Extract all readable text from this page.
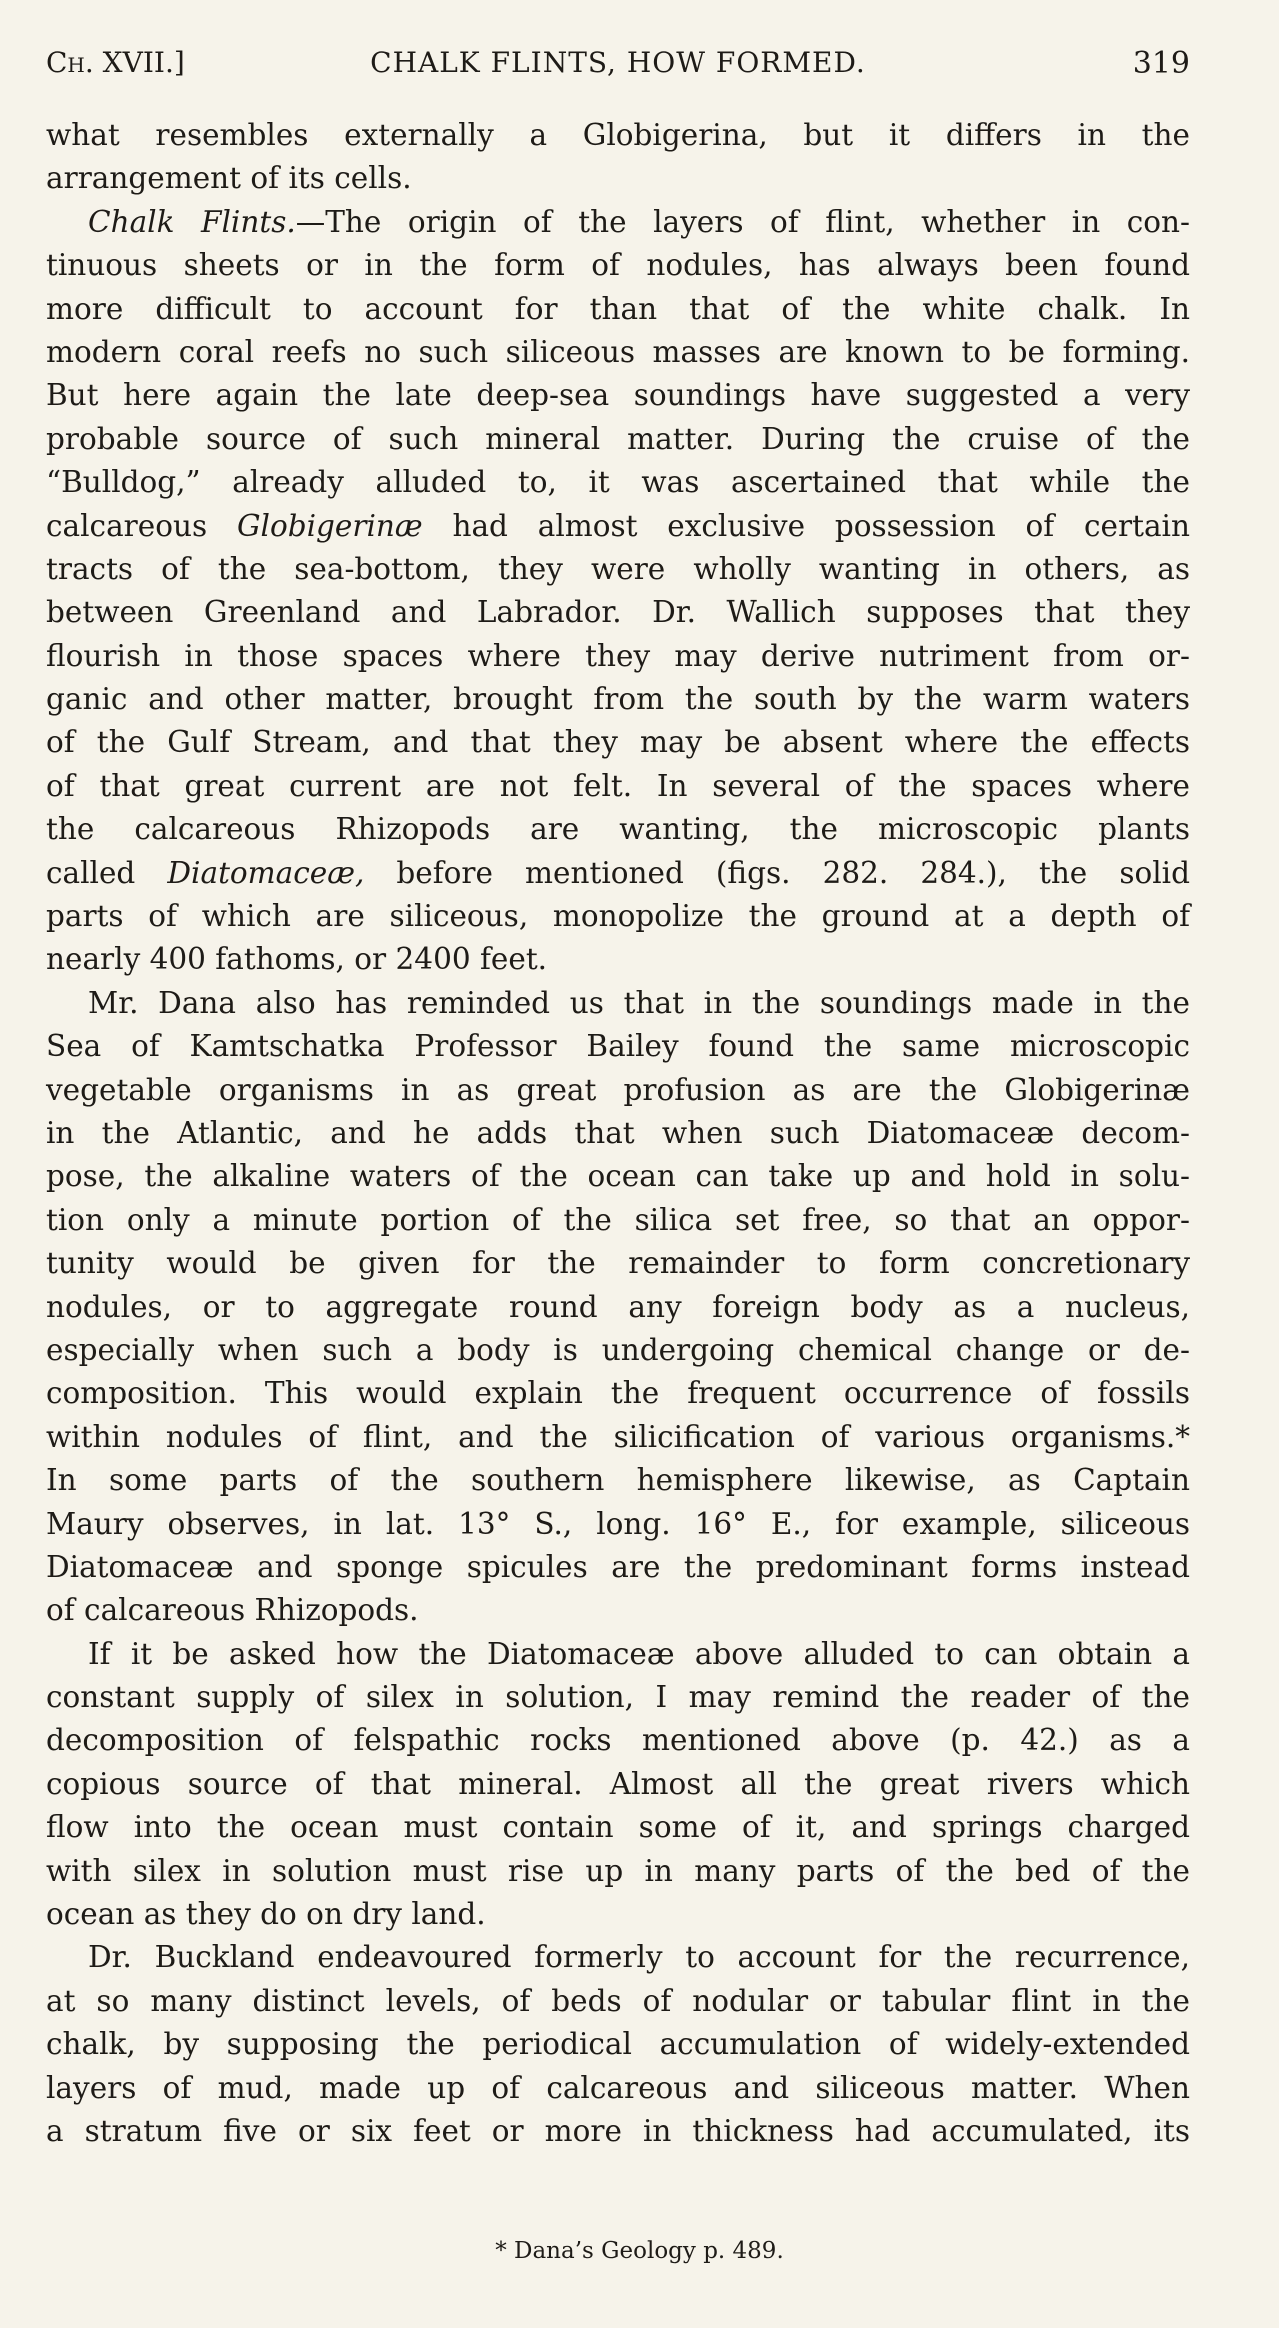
Ch. XVII.]	CHALK FLINTS, HOW FORMED.	319
what resembles externally a Globigerina, but it differs in the
arrangement of its cells.
Chalk Flints.—The origin of the layers of flint, whether in con-
tinuous sheets or in the form of nodules, has always been found
more difficult to account for than that of the white chalk. In
modern coral reefs no such siliceous masses are known to be forming.
But here again the late deep-sea soundings have suggested a very
probable source of such mineral matter. During the cruise of the
“Bulldog,” already alluded to, it was ascertained that while the
calcareous Globigerinæ had almost exclusive possession of certain
tracts of the sea-bottom, they were wholly wanting in others, as
between Greenland and Labrador. Dr. Wallich supposes that they
flourish in those spaces where they may derive nutriment from or-
ganic and other matter, brought from the south by the warm waters
of the Gulf Stream, and that they may be absent where the effects
of that great current are not felt. In several of the spaces where
the calcareous Rhizopods are wanting, the microscopic plants
called Diatomaceæ, before mentioned (figs. 282. 284.), the solid
parts of which are siliceous, monopolize the ground at a depth of
nearly 400 fathoms, or 2400 feet.
Mr. Dana also has reminded us that in the soundings made in the
Sea of Kamtschatka Professor Bailey found the same microscopic
vegetable organisms in as great profusion as are the Globigerinæ
in the Atlantic, and he adds that when such Diatomaceæ decom-
pose, the alkaline waters of the ocean can take up and hold in solu-
tion only a minute portion of the silica set free, so that an oppor-
tunity would be given for the remainder to form concretionary
nodules, or to aggregate round any foreign body as a nucleus,
especially when such a body is undergoing chemical change or de-
composition. This would explain the frequent occurrence of fossils
within nodules of flint, and the silicification of various organisms.*
In some parts of the southern hemisphere likewise, as Captain
Maury observes, in lat. 13° S., long. 16° E., for example, siliceous
Diatomaceæ and sponge spicules are the predominant forms instead
of calcareous Rhizopods.
If it be asked how the Diatomaceæ above alluded to can obtain a
constant supply of silex in solution, I may remind the reader of the
decomposition of felspathic rocks mentioned above (p. 42.) as a
copious source of that mineral. Almost all the great rivers which
flow into the ocean must contain some of it, and springs charged
with silex in solution must rise up in many parts of the bed of the
ocean as they do on dry land.
Dr. Buckland endeavoured formerly to account for the recurrence,
at so many distinct levels, of beds of nodular or tabular flint in the
chalk, by supposing the periodical accumulation of widely-extended
layers of mud, made up of calcareous and siliceous matter. When
a stratum five or six feet or more in thickness had accumulated, its
* Dana’s Geology p. 489.
